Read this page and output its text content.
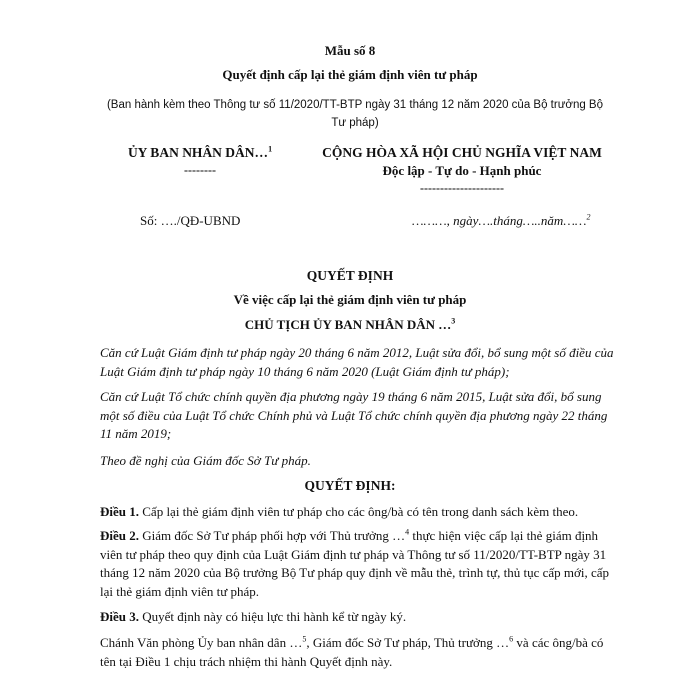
Mẫu số 8
Quyết định cấp lại thẻ giám định viên tư pháp
(Ban hành kèm theo Thông tư số 11/2020/TT-BTP ngày 31 tháng 12 năm 2020 của Bộ trưởng Bộ Tư pháp)
ỦY BAN NHÂN DÂN…$^1$
--------
CỘNG HÒA XÃ HỘI CHỦ NGHĨA VIỆT NAM
Độc lập - Tự do - Hạnh phúc
---------------------
Số: …./QĐ-UBND	………, ngày….tháng…..năm……$^2$
QUYẾT ĐỊNH
Về việc cấp lại thẻ giám định viên tư pháp
CHỦ TỊCH ỦY BAN NHÂN DÂN …$^3$
Căn cứ Luật Giám định tư pháp ngày 20 tháng 6 năm 2012, Luật sửa đổi, bổ sung một số điều của Luật Giám định tư pháp ngày 10 tháng 6 năm 2020 (Luật Giám định tư pháp);
Căn cứ Luật Tổ chức chính quyền địa phương ngày 19 tháng 6 năm 2015, Luật sửa đổi, bổ sung một số điều của Luật Tổ chức Chính phủ và Luật Tổ chức chính quyền địa phương ngày 22 tháng 11 năm 2019;
Theo đề nghị của Giám đốc Sở Tư pháp.
QUYẾT ĐỊNH:
Điều 1. Cấp lại thẻ giám định viên tư pháp cho các ông/bà có tên trong danh sách kèm theo.
Điều 2. Giám đốc Sở Tư pháp phối hợp với Thủ trưởng …$^4$ thực hiện việc cấp lại thẻ giám định viên tư pháp theo quy định của Luật Giám định tư pháp và Thông tư số 11/2020/TT-BTP ngày 31 tháng 12 năm 2020 của Bộ trưởng Bộ Tư pháp quy định về mẫu thẻ, trình tự, thủ tục cấp mới, cấp lại thẻ giám định viên tư pháp.
Điều 3. Quyết định này có hiệu lực thi hành kể từ ngày ký.
Chánh Văn phòng Ủy ban nhân dân …$^5$, Giám đốc Sở Tư pháp, Thủ trưởng …$^6$ và các ông/bà có tên tại Điều 1 chịu trách nhiệm thi hành Quyết định này.
